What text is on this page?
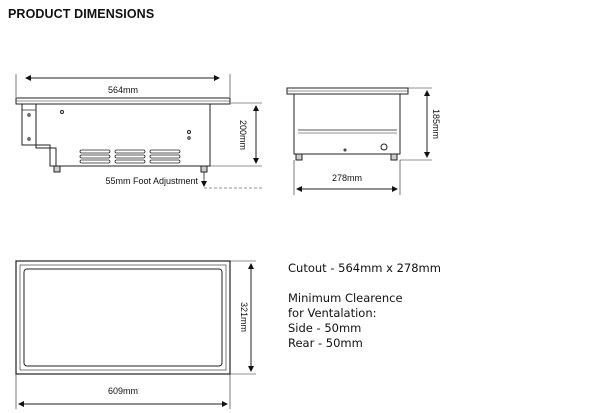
PRODUCT DIMENSIONS
564mm
200mm
55mm Foot Adjustment
185mm
278mm
321mm
609mm
Cutout - 564mm x 278mm
Minimum Clearence
for Ventalation:
Side - 50mm
Rear - 50mm
